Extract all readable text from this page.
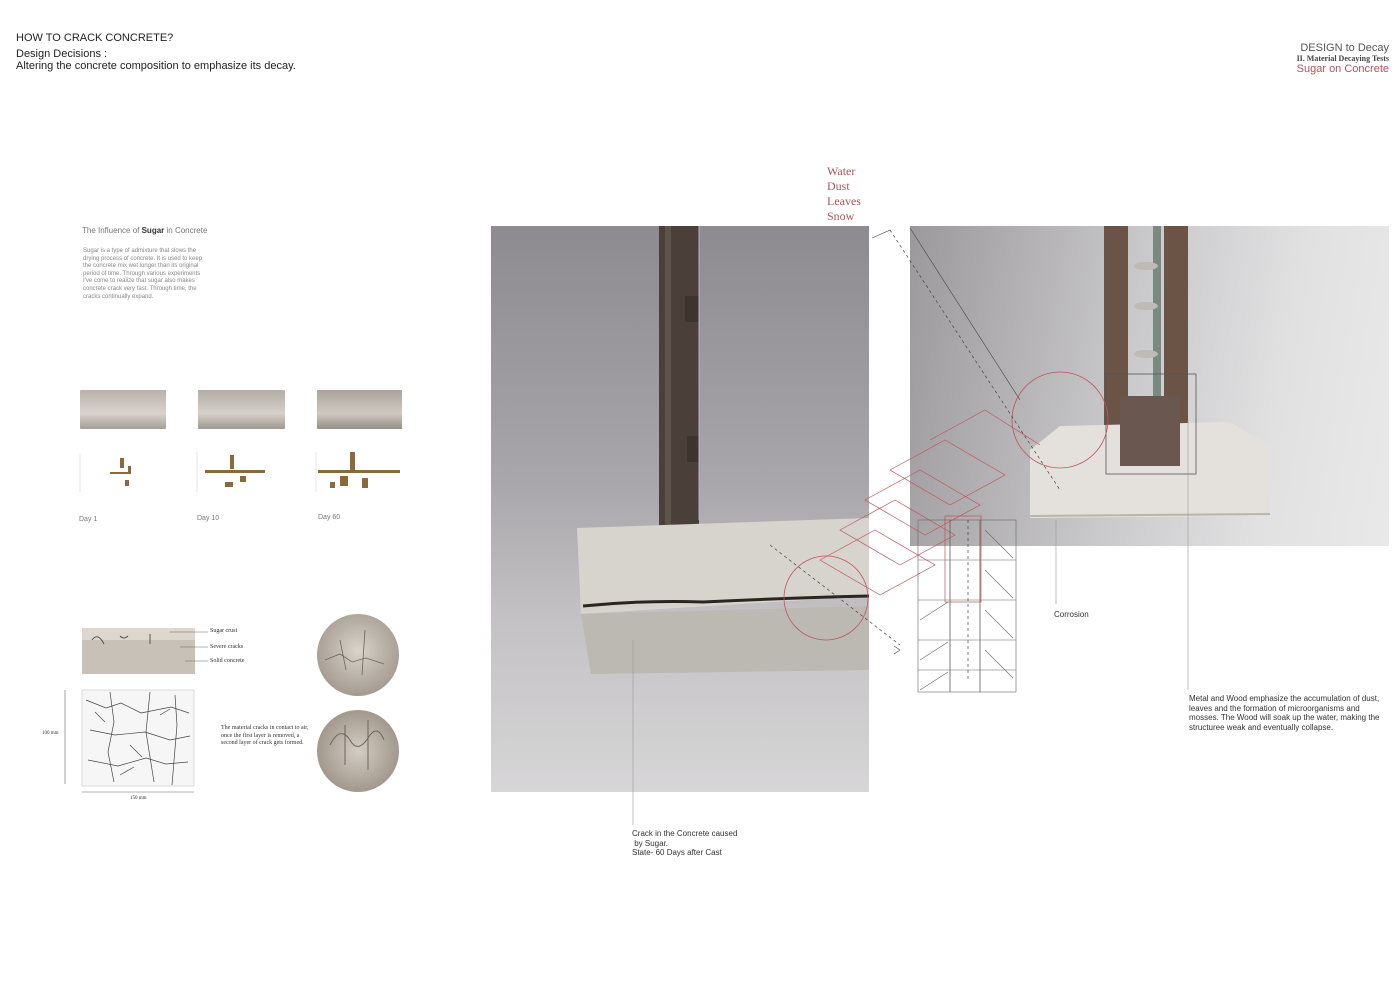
HOW TO CRACK CONCRETE?
Design Decisions :
Altering the concrete composition to emphasize its decay.
DESIGN to Decay
II. Material Decaying Tests
Sugar on Concrete
The Influence of Sugar in Concrete
Sugar is a type of admixture that slows the drying process of concrete. It is used to keep the concrete mix wet longer than its original period of time. Through various experiments I've come to realize that sugar also makes concrete crack very fast. Through time, the cracks continually expand.
Day 1	Day 10	Day 60
Sugar crust
Severe cracks
Solid concrete
The material cracks in contact to air, once the first layer is removed, a second layer of crack gets formed.
100 mm
150 mm
Water
Dust
Leaves
Snow
Crack in the Concrete caused
by Sugar.
State- 60 Days after Cast
Corrosion
Metal and Wood emphasize the accumulation of dust, leaves and the formation of microorganisms and mosses. The Wood will soak up the water, making the structuree weak and eventually collapse.
